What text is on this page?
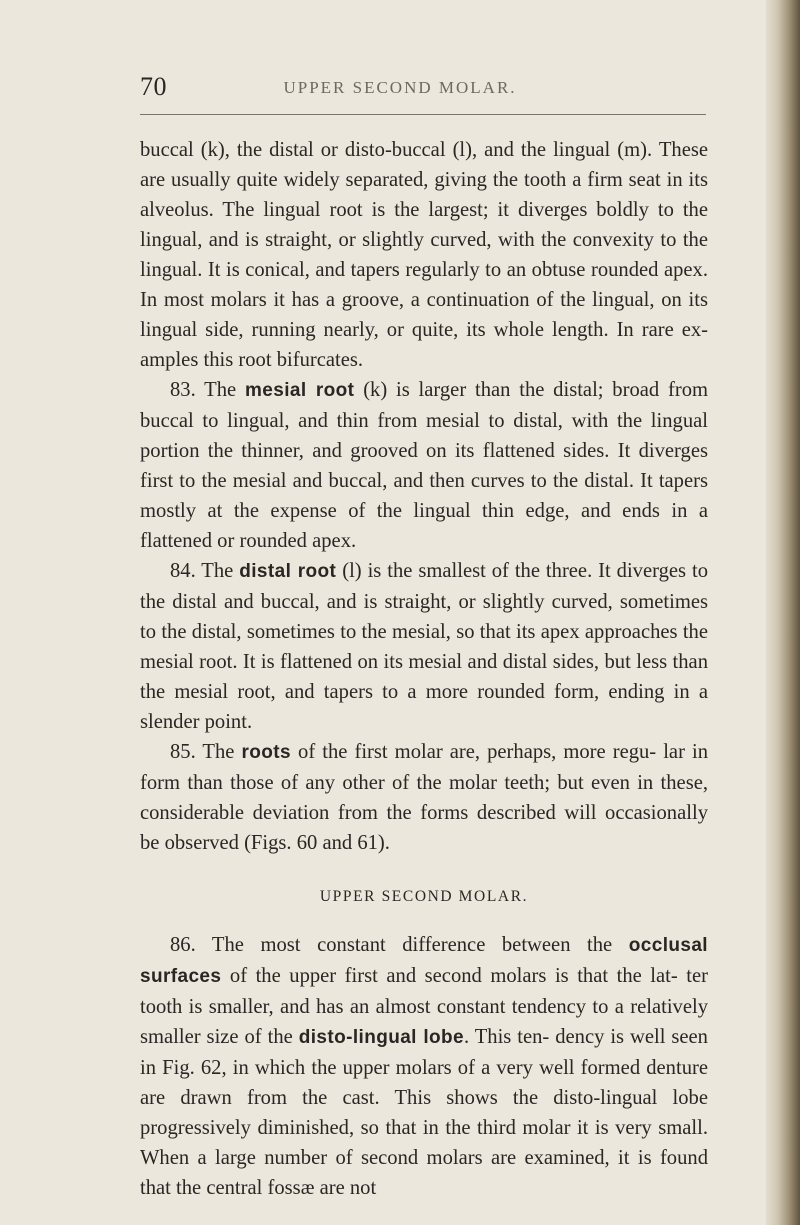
70	UPPER SECOND MOLAR.

buccal (k), the distal or disto-buccal (l), and the lingual (m). These are usually quite widely separated, giving the tooth a firm seat in its alveolus. The lingual root is the largest; it diverges boldly to the lingual, and is straight, or slightly curved, with the convexity to the lingual. It is conical, and tapers regularly to an obtuse rounded apex. In most molars it has a groove, a continuation of the lingual, on its lingual side, running nearly, or quite, its whole length. In rare ex- amples this root bifurcates.

83. The mesial root (k) is larger than the distal; broad from buccal to lingual, and thin from mesial to distal, with the lingual portion the thinner, and grooved on its flattened sides. It diverges first to the mesial and buccal, and then curves to the distal. It tapers mostly at the expense of the lingual thin edge, and ends in a flattened or rounded apex.

84. The distal root (l) is the smallest of the three. It diverges to the distal and buccal, and is straight, or slightly curved, sometimes to the distal, sometimes to the mesial, so that its apex approaches the mesial root. It is flattened on its mesial and distal sides, but less than the mesial root, and tapers to a more rounded form, ending in a slender point.

85. The roots of the first molar are, perhaps, more regu- lar in form than those of any other of the molar teeth; but even in these, considerable deviation from the forms described will occasionally be observed (Figs. 60 and 61).

UPPER SECOND MOLAR.

86. The most constant difference between the occlusal surfaces of the upper first and second molars is that the lat- ter tooth is smaller, and has an almost constant tendency to a relatively smaller size of the disto-lingual lobe. This ten- dency is well seen in Fig. 62, in which the upper molars of a very well formed denture are drawn from the cast. This shows the disto-lingual lobe progressively diminished, so that in the third molar it is very small. When a large number of second molars are examined, it is found that the central fossæ are not
